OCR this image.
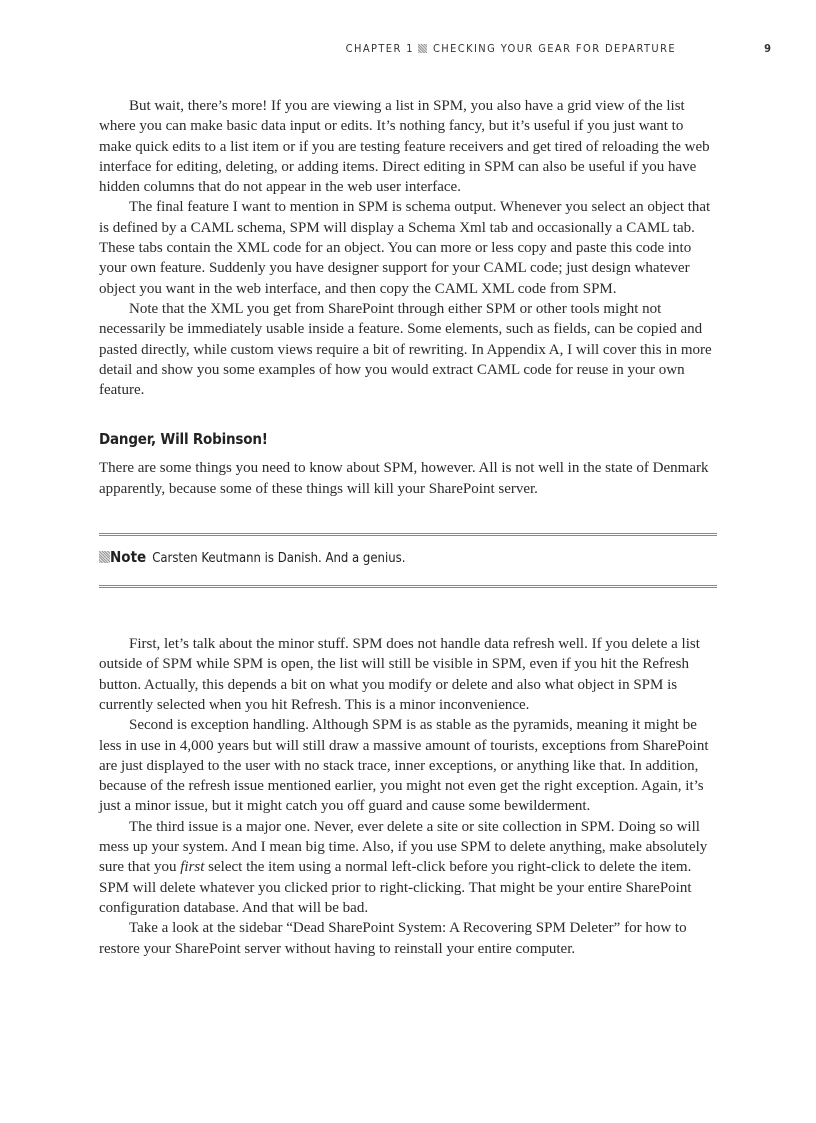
CHAPTER 1 CHECKING YOUR GEAR FOR DEPARTURE	9

But wait, there’s more! If you are viewing a list in SPM, you also have a grid view of the list where you can make basic data input or edits. It’s nothing fancy, but it’s useful if you just want to make quick edits to a list item or if you are testing feature receivers and get tired of reloading the web interface for editing, deleting, or adding items. Direct editing in SPM can also be useful if you have hidden columns that do not appear in the web user interface.

The final feature I want to mention in SPM is schema output. Whenever you select an object that is defined by a CAML schema, SPM will display a Schema Xml tab and occasionally a CAML tab. These tabs contain the XML code for an object. You can more or less copy and paste this code into your own feature. Suddenly you have designer support for your CAML code; just design whatever object you want in the web interface, and then copy the CAML XML code from SPM.

Note that the XML you get from SharePoint through either SPM or other tools might not necessarily be immediately usable inside a feature. Some elements, such as fields, can be copied and pasted directly, while custom views require a bit of rewriting. In Appendix A, I will cover this in more detail and show you some examples of how you would extract CAML code for reuse in your own feature.

Danger, Will Robinson!

There are some things you need to know about SPM, however. All is not well in the state of Denmark apparently, because some of these things will kill your SharePoint server.

Note Carsten Keutmann is Danish. And a genius.

First, let’s talk about the minor stuff. SPM does not handle data refresh well. If you delete a list outside of SPM while SPM is open, the list will still be visible in SPM, even if you hit the Refresh button. Actually, this depends a bit on what you modify or delete and also what object in SPM is currently selected when you hit Refresh. This is a minor inconvenience.

Second is exception handling. Although SPM is as stable as the pyramids, meaning it might be less in use in 4,000 years but will still draw a massive amount of tourists, exceptions from SharePoint are just displayed to the user with no stack trace, inner exceptions, or anything like that. In addition, because of the refresh issue mentioned earlier, you might not even get the right exception. Again, it’s just a minor issue, but it might catch you off guard and cause some bewilderment.

The third issue is a major one. Never, ever delete a site or site collection in SPM. Doing so will mess up your system. And I mean big time. Also, if you use SPM to delete anything, make absolutely sure that you first select the item using a normal left-click before you right-click to delete the item. SPM will delete whatever you clicked prior to right-clicking. That might be your entire SharePoint configuration database. And that will be bad.

Take a look at the sidebar “Dead SharePoint System: A Recovering SPM Deleter” for how to restore your SharePoint server without having to reinstall your entire computer.
